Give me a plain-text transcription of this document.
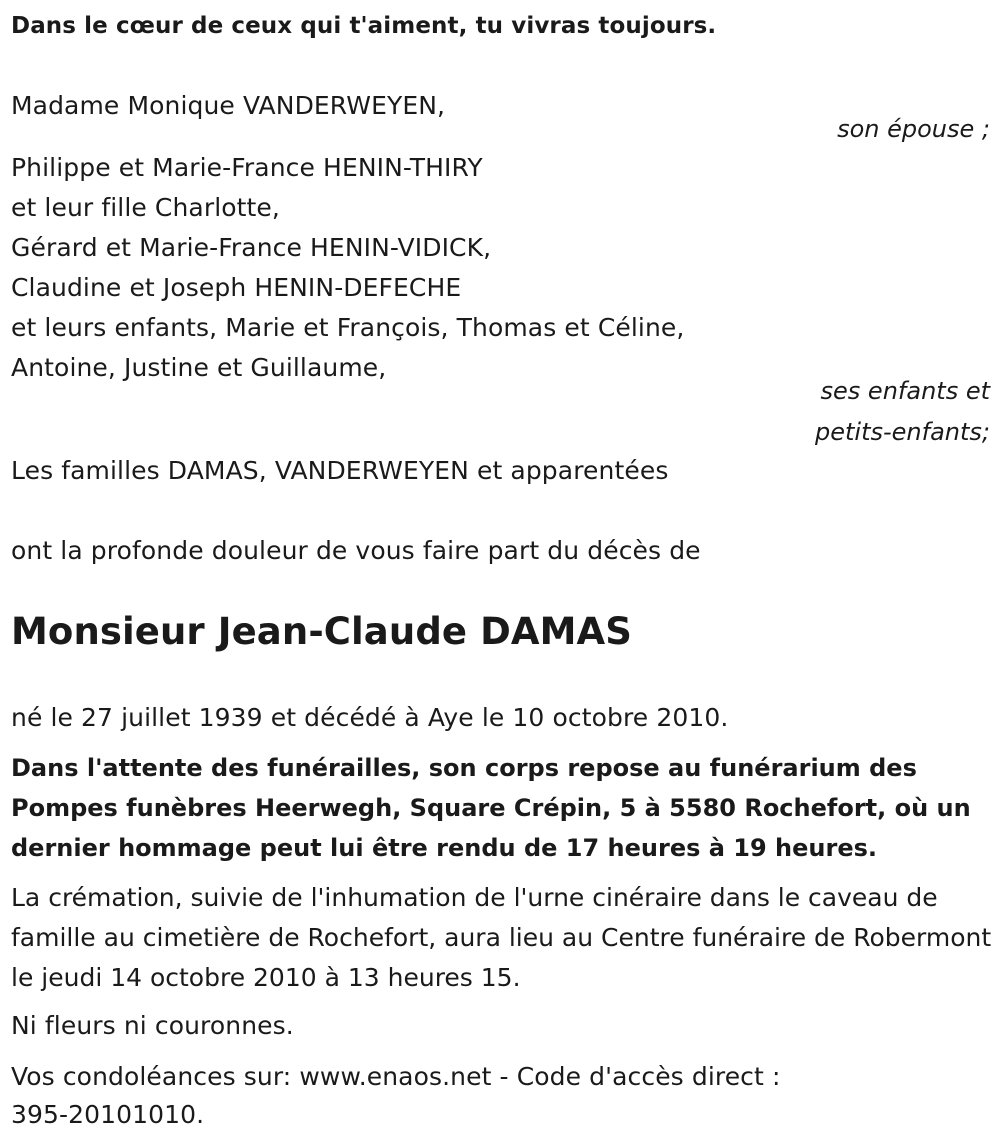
Dans le cœur de ceux qui t'aiment, tu vivras toujours.
Madame Monique VANDERWEYEN,
son épouse ;
Philippe et Marie-France HENIN-THIRY
et leur fille Charlotte,
Gérard et Marie-France HENIN-VIDICK,
Claudine et Joseph HENIN-DEFECHE
et leurs enfants, Marie et François, Thomas et Céline,
Antoine, Justine et Guillaume,
ses enfants et
petits-enfants;
Les familles DAMAS, VANDERWEYEN et apparentées
ont la profonde douleur de vous faire part du décès de
Monsieur Jean-Claude DAMAS
né le 27 juillet 1939 et décédé à Aye le 10 octobre 2010.

Dans l'attente des funérailles, son corps repose au funérarium des Pompes funèbres Heerwegh, Square Crépin, 5 à 5580 Rochefort, où un dernier hommage peut lui être rendu de 17 heures à 19 heures.

La crémation, suivie de l'inhumation de l'urne cinéraire dans le caveau de famille au cimetière de Rochefort, aura lieu au Centre funéraire de Robermont le jeudi 14 octobre 2010 à 13 heures 15.

Ni fleurs ni couronnes.
Vos condoléances sur: www.enaos.net - Code d'accès direct :
395-20101010.
